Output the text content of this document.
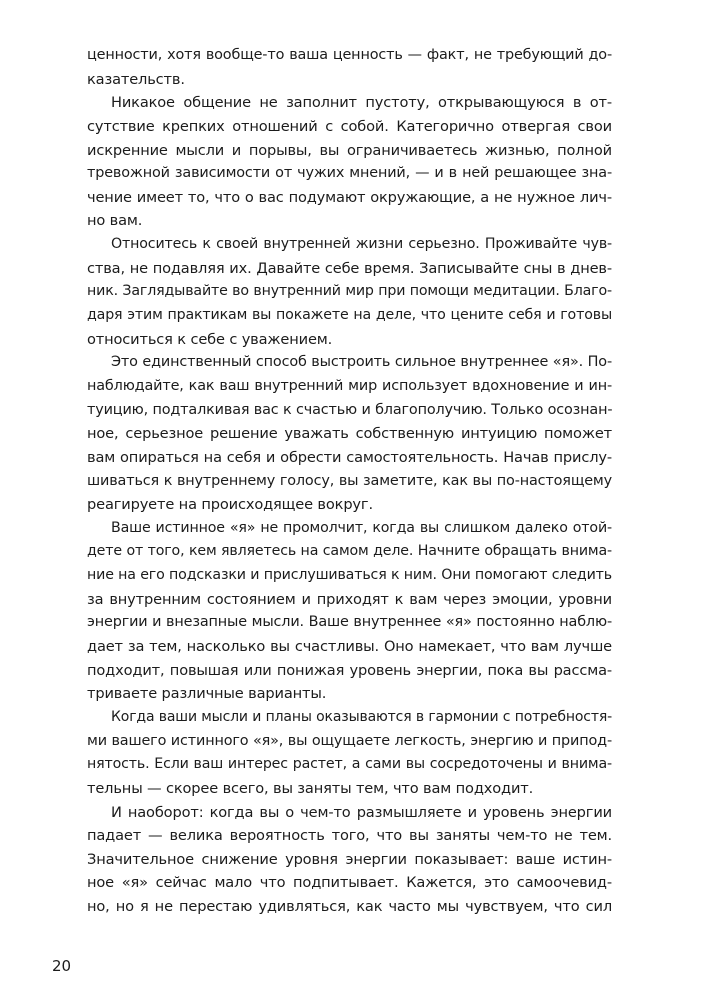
ценности, хотя вообще-то ваша ценность — факт, не требующий до-
казательств.
Никакое общение не заполнит пустоту, открывающуюся в от-
сутствие крепких отношений с собой. Категорично отвергая свои
искренние мысли и порывы, вы ограничиваетесь жизнью, полной
тревожной зависимости от чужих мнений, — и в ней решающее зна-
чение имеет то, что о вас подумают окружающие, а не нужное лич-
но вам.
Относитесь к своей внутренней жизни серьезно. Проживайте чув-
ства, не подавляя их. Давайте себе время. Записывайте сны в днев-
ник. Заглядывайте во внутренний мир при помощи медитации. Благо-
даря этим практикам вы покажете на деле, что цените себя и готовы
относиться к себе с уважением.
Это единственный способ выстроить сильное внутреннее «я». По-
наблюдайте, как ваш внутренний мир использует вдохновение и ин-
туицию, подталкивая вас к счастью и благополучию. Только осознан-
ное, серьезное решение уважать собственную интуицию поможет
вам опираться на себя и обрести самостоятельность. Начав прислу-
шиваться к внутреннему голосу, вы заметите, как вы по-настоящему
реагируете на происходящее вокруг.
Ваше истинное «я» не промолчит, когда вы слишком далеко отой-
дете от того, кем являетесь на самом деле. Начните обращать внима-
ние на его подсказки и прислушиваться к ним. Они помогают следить
за внутренним состоянием и приходят к вам через эмоции, уровни
энергии и внезапные мысли. Ваше внутреннее «я» постоянно наблю-
дает за тем, насколько вы счастливы. Оно намекает, что вам лучше
подходит, повышая или понижая уровень энергии, пока вы рассма-
триваете различные варианты.
Когда ваши мысли и планы оказываются в гармонии с потребностя-
ми вашего истинного «я», вы ощущаете легкость, энергию и припод-
нятость. Если ваш интерес растет, а сами вы сосредоточены и внима-
тельны — скорее всего, вы заняты тем, что вам подходит.
И наоборот: когда вы о чем-то размышляете и уровень энергии
падает — велика вероятность того, что вы заняты чем-то не тем.
Значительное снижение уровня энергии показывает: ваше истин-
ное «я» сейчас мало что подпитывает. Кажется, это самоочевид-
но, но я не перестаю удивляться, как часто мы чувствуем, что сил
20
